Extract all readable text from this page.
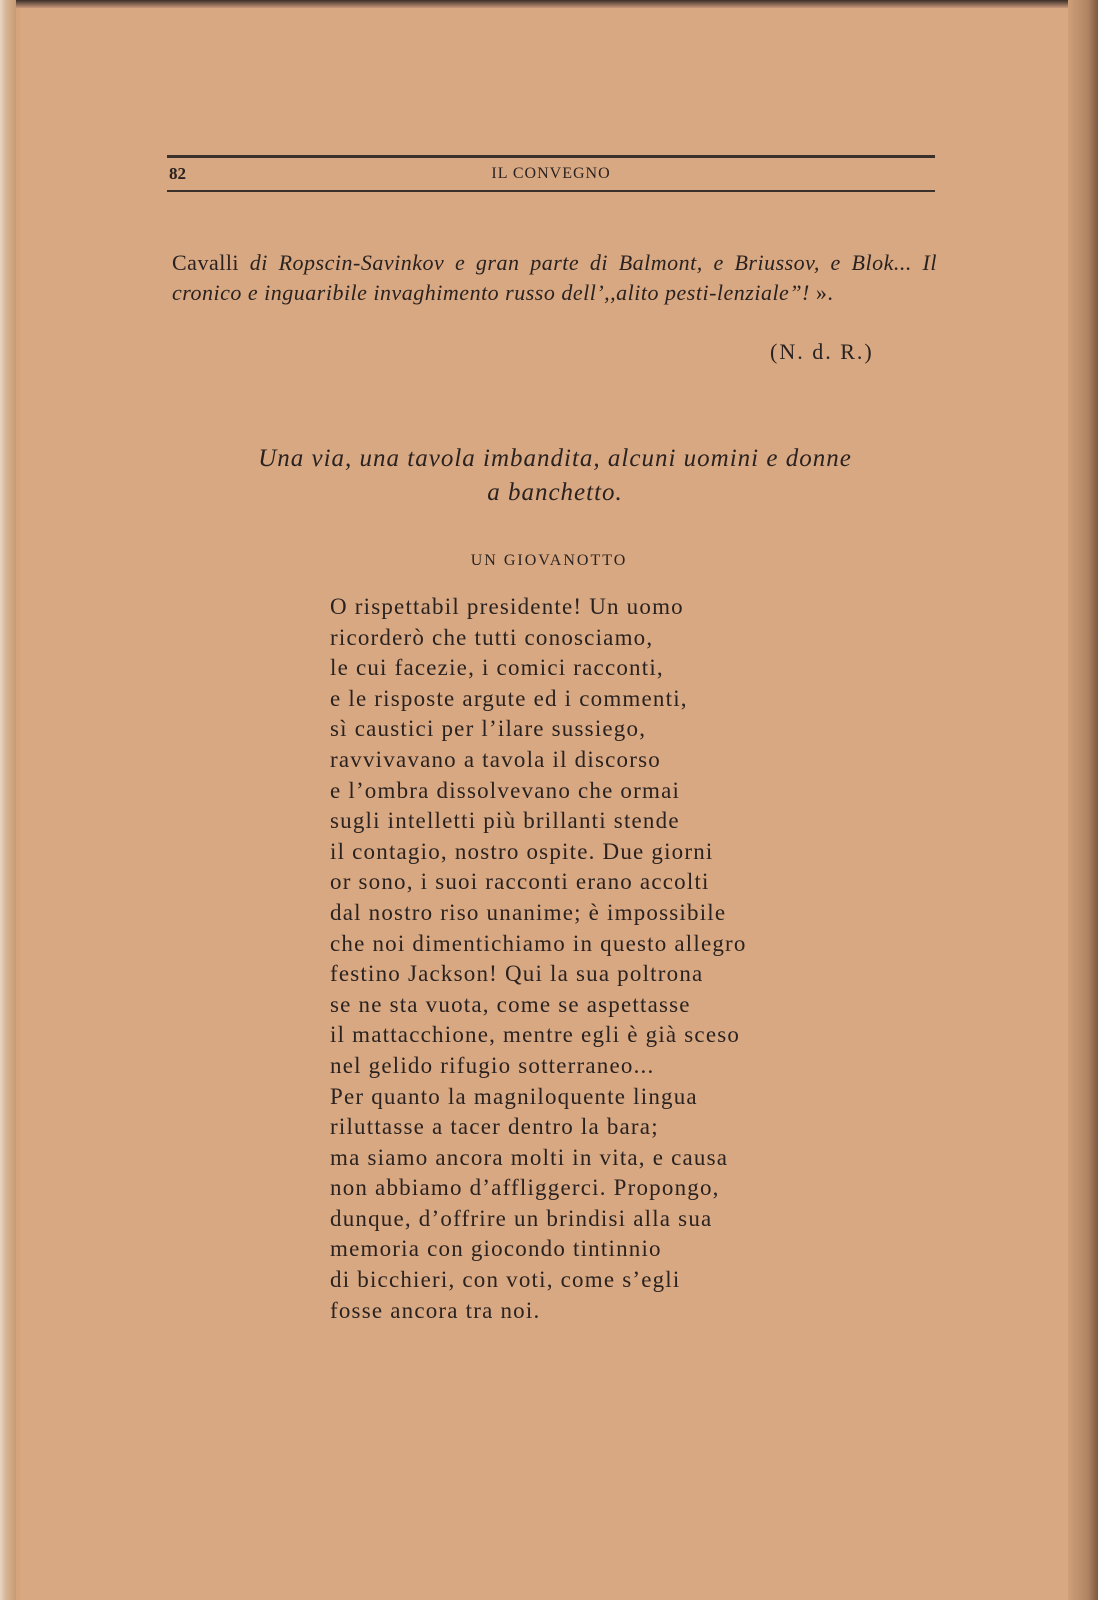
82	IL CONVEGNO
Cavalli di Ropscin-Savinkov e gran parte di Balmont, e Briussov, e Blok... Il cronico e inguaribile invaghimento russo dell’,,alito pesti-lenziale”! ».
(N. d. R.)
Una via, una tavola imbandita, alcuni uomini e donne
a banchetto.
UN GIOVANOTTO
O rispettabil presidente! Un uomo
ricorderò che tutti conosciamo,
le cui facezie, i comici racconti,
e le risposte argute ed i commenti,
sì caustici per l’ilare sussiego,
ravvivavano a tavola il discorso
e l’ombra dissolvevano che ormai
sugli intelletti più brillanti stende
il contagio, nostro ospite. Due giorni
or sono, i suoi racconti erano accolti
dal nostro riso unanime; è impossibile
che noi dimentichiamo in questo allegro
festino Jackson! Qui la sua poltrona
se ne sta vuota, come se aspettasse
il mattacchione, mentre egli è già sceso
nel gelido rifugio sotterraneo...
Per quanto la magniloquente lingua
riluttasse a tacer dentro la bara;
ma siamo ancora molti in vita, e causa
non abbiamo d’affliggerci. Propongo,
dunque, d’offrire un brindisi alla sua
memoria con giocondo tintinnio
di bicchieri, con voti, come s’egli
fosse ancora tra noi.
